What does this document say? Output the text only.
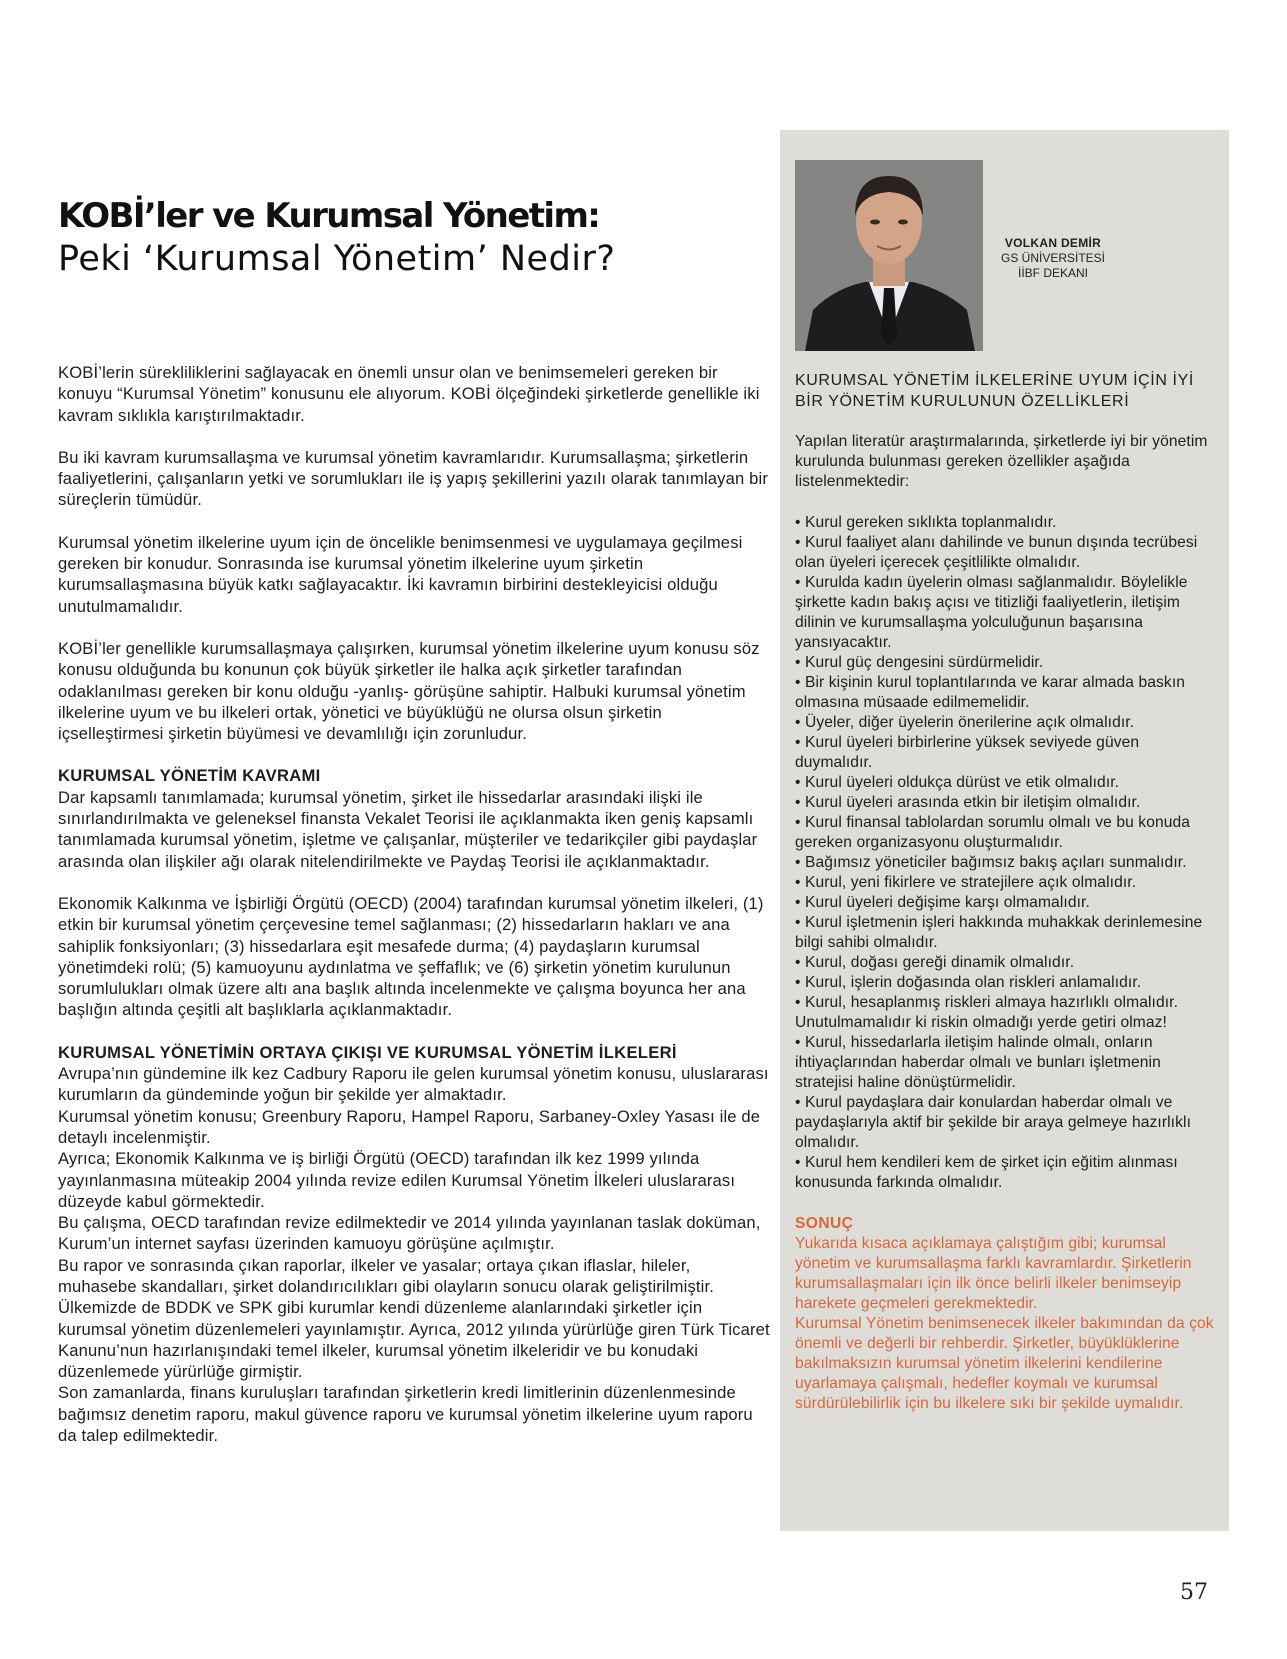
KOBİ’ler ve Kurumsal Yönetim:
Peki ‘Kurumsal Yönetim’ Nedir?

KOBİ’lerin sürekliliklerini sağlayacak en önemli unsur olan ve benimsemeleri gereken bir konuyu “Kurumsal Yönetim” konusunu ele alıyorum. KOBİ ölçeğindeki şirketlerde genellikle iki kavram sıklıkla karıştırılmaktadır.

Bu iki kavram kurumsallaşma ve kurumsal yönetim kavramlarıdır. Kurumsallaşma; şirketlerin faaliyetlerini, çalışanların yetki ve sorumlukları ile iş yapış şekillerini yazılı olarak tanımlayan bir süreçlerin tümüdür.

Kurumsal yönetim ilkelerine uyum için de öncelikle benimsenmesi ve uygulamaya geçilmesi gereken bir konudur. Sonrasında ise kurumsal yönetim ilkelerine uyum şirketin kurumsallaşmasına büyük katkı sağlayacaktır. İki kavramın birbirini destekleyicisi olduğu unutulmamalıdır.

KOBİ’ler genellikle kurumsallaşmaya çalışırken, kurumsal yönetim ilkelerine uyum konusu söz konusu olduğunda bu konunun çok büyük şirketler ile halka açık şirketler tarafından odaklanılması gereken bir konu olduğu -yanlış- görüşüne sahiptir. Halbuki kurumsal yönetim ilkelerine uyum ve bu ilkeleri ortak, yönetici ve büyüklüğü ne olursa olsun şirketin içselleştirmesi şirketin büyümesi ve devamlılığı için zorunludur.

KURUMSAL YÖNETİM KAVRAMI
Dar kapsamlı tanımlamada; kurumsal yönetim, şirket ile hissedarlar arasındaki ilişki ile sınırlandırılmakta ve geleneksel finansta Vekalet Teorisi ile açıklanmakta iken geniş kapsamlı tanımlamada kurumsal yönetim, işletme ve çalışanlar, müşteriler ve tedarikçiler gibi paydaşlar arasında olan ilişkiler ağı olarak nitelendirilmekte ve Paydaş Teorisi ile açıklanmaktadır.

Ekonomik Kalkınma ve İşbirliği Örgütü (OECD) (2004) tarafından kurumsal yönetim ilkeleri, (1) etkin bir kurumsal yönetim çerçevesine temel sağlanması; (2) hissedarların hakları ve ana sahiplik fonksiyonları; (3) hissedarlara eşit mesafede durma; (4) paydaşların kurumsal yönetimdeki rolü; (5) kamuoyunu aydınlatma ve şeffaflık; ve (6) şirketin yönetim kurulunun sorumlulukları olmak üzere altı ana başlık altında incelenmekte ve çalışma boyunca her ana başlığın altında çeşitli alt başlıklarla açıklanmaktadır.

KURUMSAL YÖNETİMİN ORTAYA ÇIKIŞI VE KURUMSAL YÖNETİM İLKELERİ
Avrupa’nın gündemine ilk kez Cadbury Raporu ile gelen kurumsal yönetim konusu, uluslararası kurumların da gündeminde yoğun bir şekilde yer almaktadır.
Kurumsal yönetim konusu; Greenbury Raporu, Hampel Raporu, Sarbaney-Oxley Yasası ile de detaylı incelenmiştir.
Ayrıca; Ekonomik Kalkınma ve iş birliği Örgütü (OECD) tarafından ilk kez 1999 yılında yayınlanmasına müteakip 2004 yılında revize edilen Kurumsal Yönetim İlkeleri uluslararası düzeyde kabul görmektedir.
Bu çalışma, OECD tarafından revize edilmektedir ve 2014 yılında yayınlanan taslak doküman, Kurum’un internet sayfası üzerinden kamuoyu görüşüne açılmıştır.
Bu rapor ve sonrasında çıkan raporlar, ilkeler ve yasalar; ortaya çıkan iflaslar, hileler, muhasebe skandalları, şirket dolandırıcılıkları gibi olayların sonucu olarak geliştirilmiştir.
Ülkemizde de BDDK ve SPK gibi kurumlar kendi düzenleme alanlarındaki şirketler için kurumsal yönetim düzenlemeleri yayınlamıştır. Ayrıca, 2012 yılında yürürlüğe giren Türk Ticaret Kanunu’nun hazırlanışındaki temel ilkeler, kurumsal yönetim ilkeleridir ve bu konudaki düzenlemede yürürlüğe girmiştir.
Son zamanlarda, finans kuruluşları tarafından şirketlerin kredi limitlerinin düzenlenmesinde bağımsız denetim raporu, makul güvence raporu ve kurumsal yönetim ilkelerine uyum raporu da talep edilmektedir.
VOLKAN DEMİR
GS ÜNİVERSİTESİ
İİBF DEKANI
KURUMSAL YÖNETİM İLKELERİNE UYUM İÇİN İYİ BİR YÖNETİM KURULUNUN ÖZELLİKLERİ

Yapılan literatür araştırmalarında, şirketlerde iyi bir yönetim kurulunda bulunması gereken özellikler aşağıda listelenmektedir:

• Kurul gereken sıklıkta toplanmalıdır.
• Kurul faaliyet alanı dahilinde ve bunun dışında tecrübesi olan üyeleri içerecek çeşitlilikte olmalıdır.
• Kurulda kadın üyelerin olması sağlanmalıdır. Böylelikle şirkette kadın bakış açısı ve titizliği faaliyetlerin, iletişim dilinin ve kurumsallaşma yolculuğunun başarısına yansıyacaktır.
• Kurul güç dengesini sürdürmelidir.
• Bir kişinin kurul toplantılarında ve karar almada baskın olmasına müsaade edilmemelidir.
• Üyeler, diğer üyelerin önerilerine açık olmalıdır.
• Kurul üyeleri birbirlerine yüksek seviyede güven duymalıdır.
• Kurul üyeleri oldukça dürüst ve etik olmalıdır.
• Kurul üyeleri arasında etkin bir iletişim olmalıdır.
• Kurul finansal tablolardan sorumlu olmalı ve bu konuda gereken organizasyonu oluşturmalıdır.
• Bağımsız yöneticiler bağımsız bakış açıları sunmalıdır.
• Kurul, yeni fikirlere ve stratejilere açık olmalıdır.
• Kurul üyeleri değişime karşı olmamalıdır.
• Kurul işletmenin işleri hakkında muhakkak derinlemesine bilgi sahibi olmalıdır.
• Kurul, doğası gereği dinamik olmalıdır.
• Kurul, işlerin doğasında olan riskleri anlamalıdır.
• Kurul, hesaplanmış riskleri almaya hazırlıklı olmalıdır. Unutulmamalıdır ki riskin olmadığı yerde getiri olmaz!
• Kurul, hissedarlarla iletişim halinde olmalı, onların ihtiyaçlarından haberdar olmalı ve bunları işletmenin stratejisi haline dönüştürmelidir.
• Kurul paydaşlara dair konulardan haberdar olmalı ve paydaşlarıyla aktif bir şekilde bir araya gelmeye hazırlıklı olmalıdır.
• Kurul hem kendileri kem de şirket için eğitim alınması konusunda farkında olmalıdır.
SONUÇ
Yukarıda kısaca açıklamaya çalıştığım gibi; kurumsal yönetim ve kurumsallaşma farklı kavramlardır. Şirketlerin kurumsallaşmaları için ilk önce belirli ilkeler benimseyip harekete geçmeleri gerekmektedir.
Kurumsal Yönetim benimsenecek ilkeler bakımından da çok önemli ve değerli bir rehberdir. Şirketler, büyüklüklerine bakılmaksızın kurumsal yönetim ilkelerini kendilerine uyarlamaya çalışmalı, hedefler koymalı ve kurumsal sürdürülebilirlik için bu ilkelere sıkı bir şekilde uymalıdır.
57
